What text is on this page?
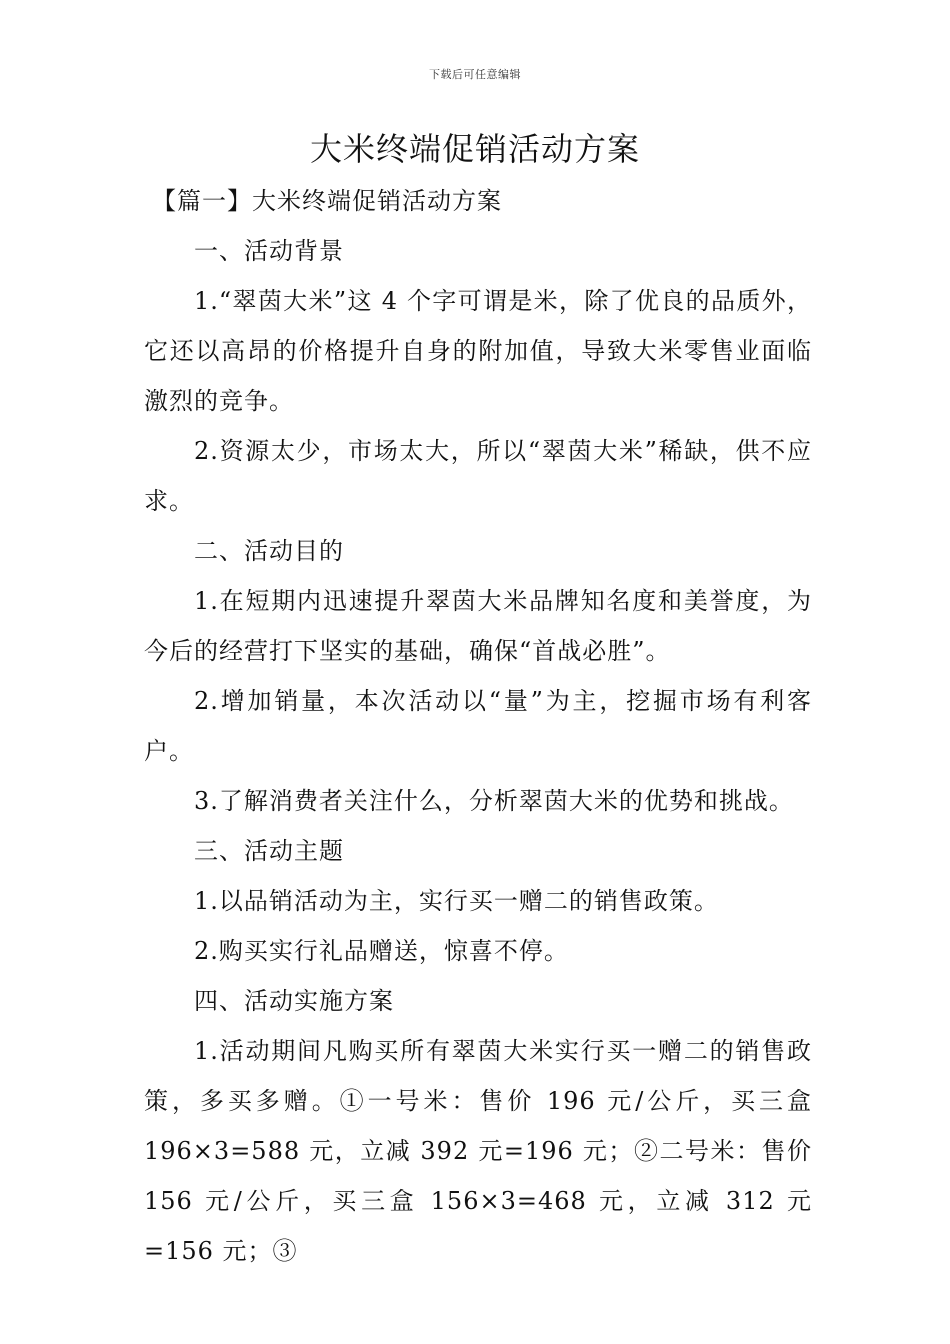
下载后可任意编辑
大米终端促销活动方案

【篇一】大米终端促销活动方案

一、活动背景

1.“翠茵大米”这 4 个字可谓是米，除了优良的品质外，它还以高昂的价格提升自身的附加值，导致大米零售业面临激烈的竞争。

2.资源太少，市场太大，所以“翠茵大米”稀缺，供不应求。

二、活动目的

1.在短期内迅速提升翠茵大米品牌知名度和美誉度，为今后的经营打下坚实的基础，确保“首战必胜”。

2.增加销量，本次活动以“量”为主，挖掘市场有利客户。

3.了解消费者关注什么，分析翠茵大米的优势和挑战。

三、活动主题

1.以品销活动为主，实行买一赠二的销售政策。

2.购买实行礼品赠送，惊喜不停。

四、活动实施方案

1.活动期间凡购买所有翠茵大米实行买一赠二的销售政策，多买多赠。①一号米：售价 196 元/公斤，买三盒196×3=588 元，立减 392 元=196 元；②二号米：售价 156 元/公斤，买三盒 156×3=468 元，立减 312 元=156 元；③
